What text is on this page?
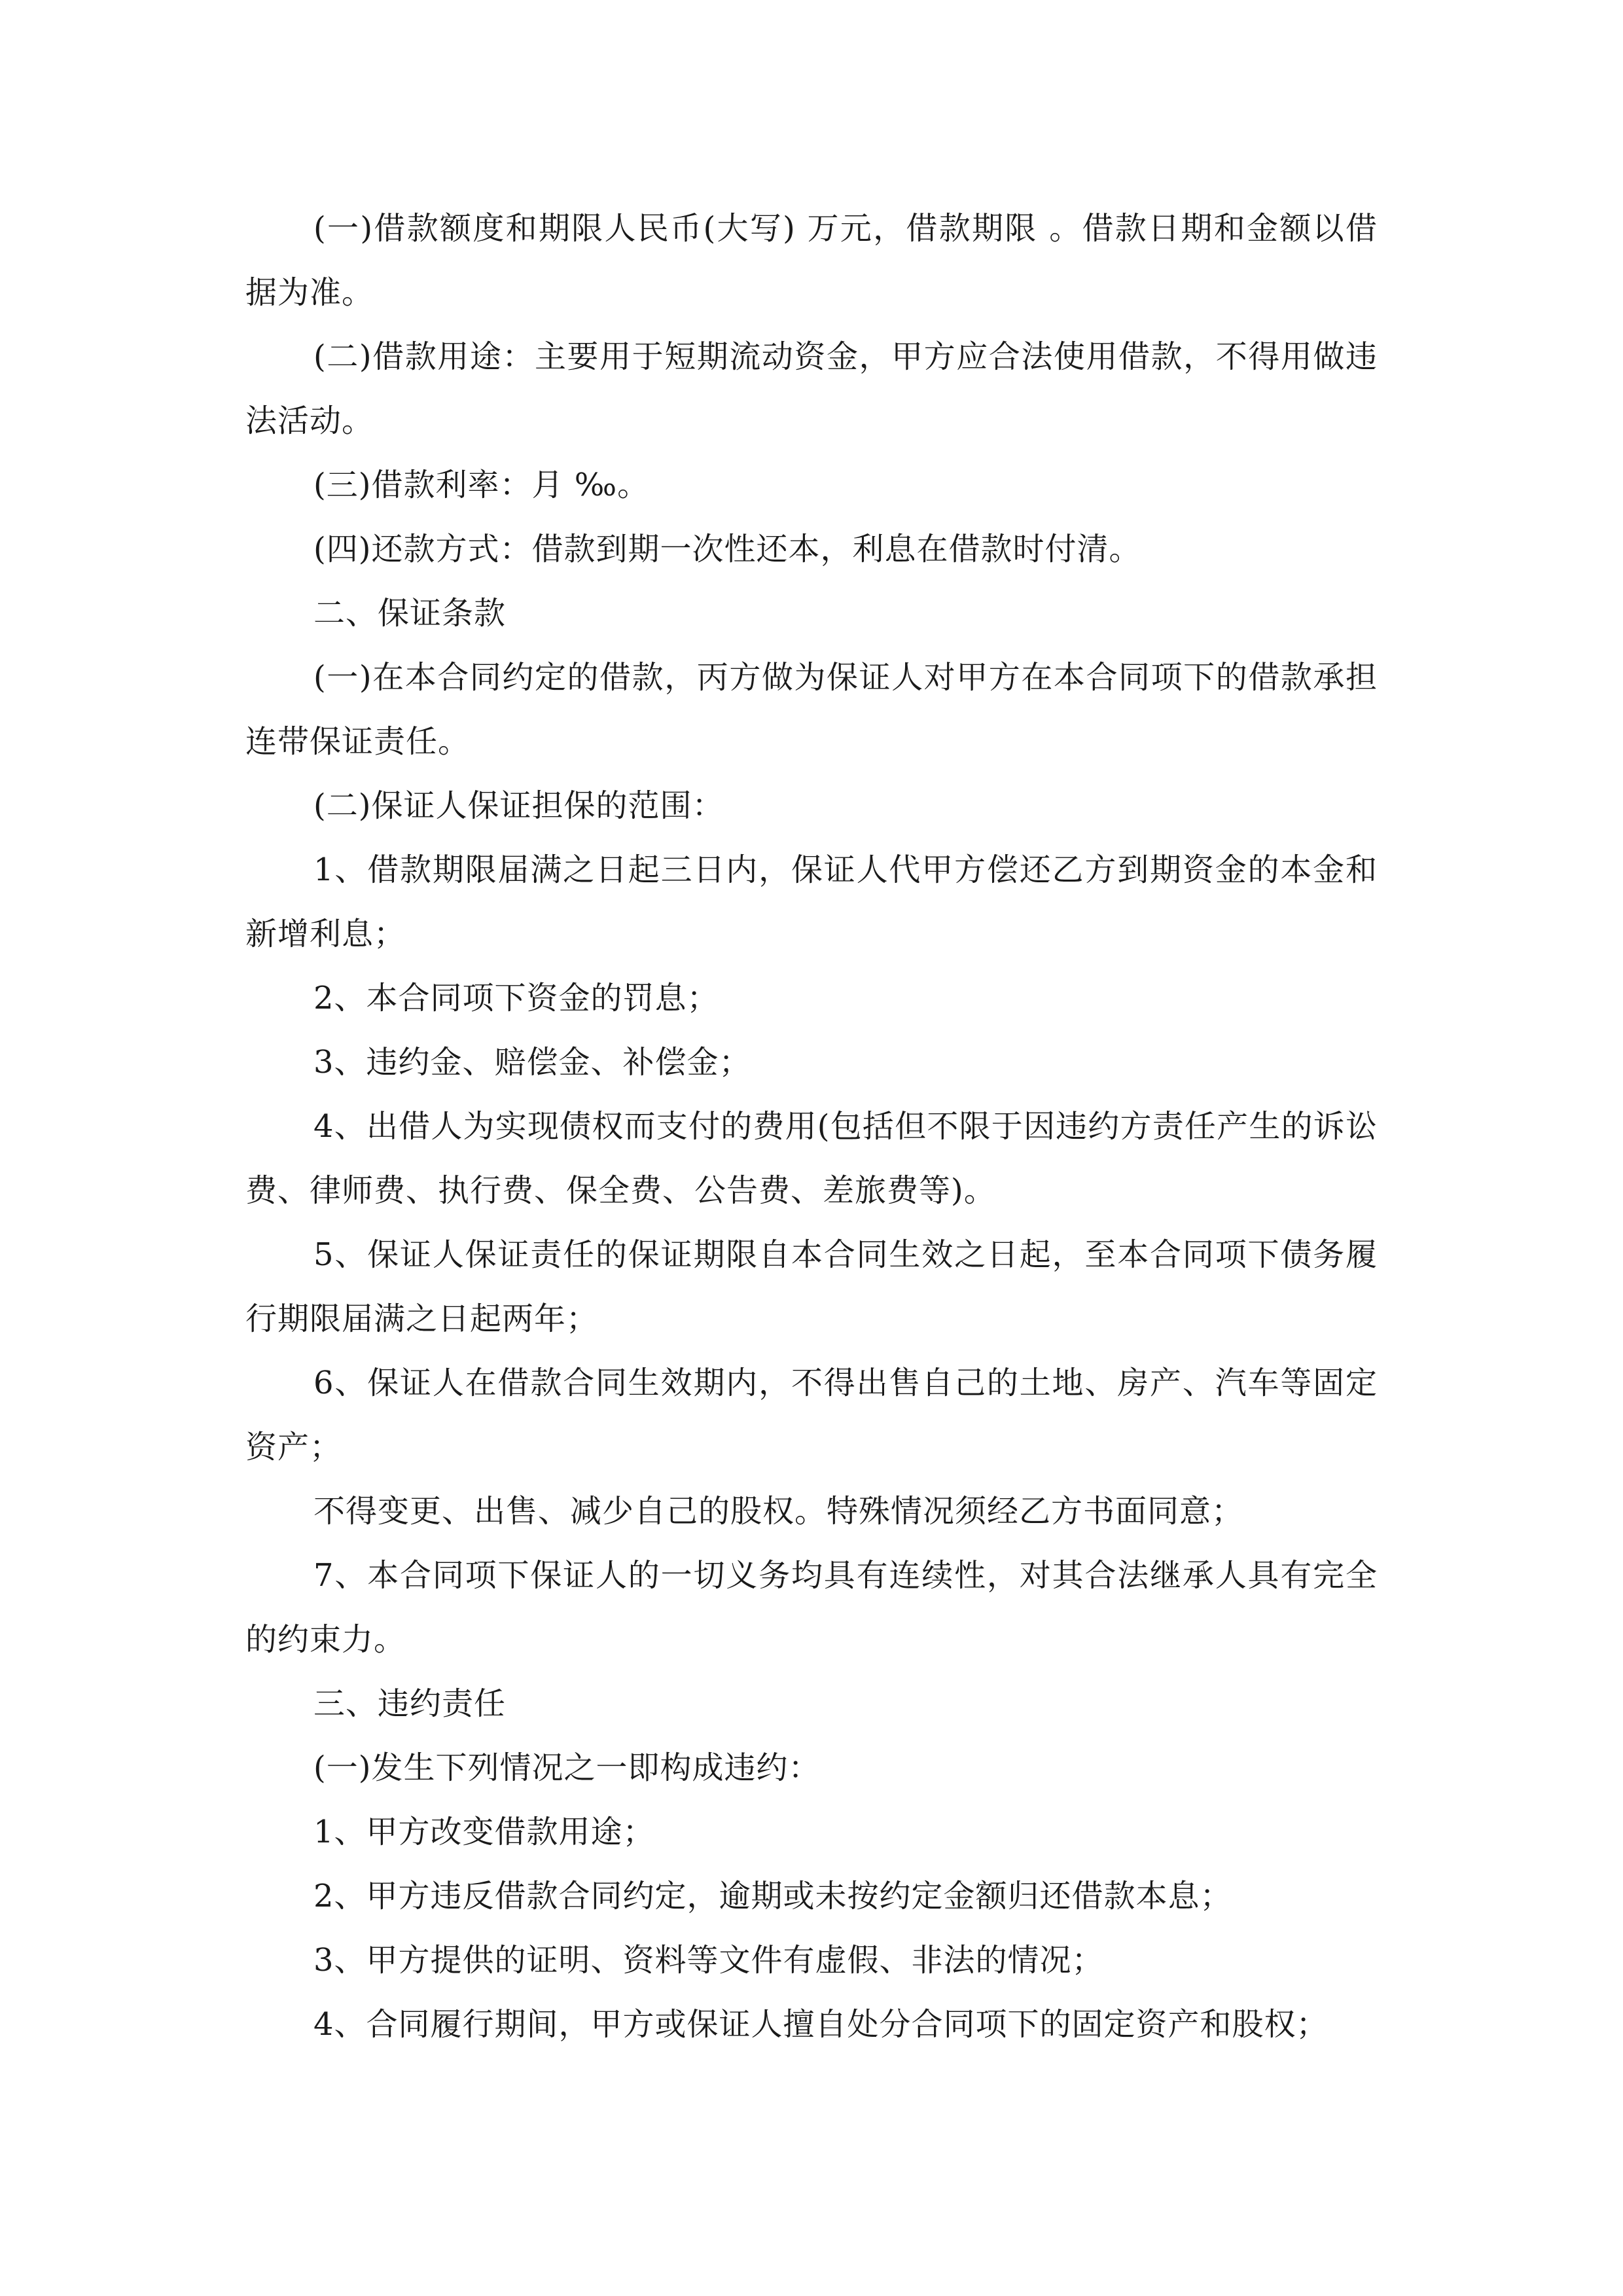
(一)借款额度和期限人民币(大写) 万元，借款期限 。借款日期和金额以借据为准。

(二)借款用途：主要用于短期流动资金，甲方应合法使用借款，不得用做违法活动。

(三)借款利率：月 ‰。

(四)还款方式：借款到期一次性还本，利息在借款时付清。

二、保证条款

(一)在本合同约定的借款，丙方做为保证人对甲方在本合同项下的借款承担连带保证责任。

(二)保证人保证担保的范围：

1、借款期限届满之日起三日内，保证人代甲方偿还乙方到期资金的本金和新增利息；

2、本合同项下资金的罚息；

3、违约金、赔偿金、补偿金；

4、出借人为实现债权而支付的费用(包括但不限于因违约方责任产生的诉讼费、律师费、执行费、保全费、公告费、差旅费等)。

5、保证人保证责任的保证期限自本合同生效之日起，至本合同项下债务履行期限届满之日起两年；

6、保证人在借款合同生效期内，不得出售自己的土地、房产、汽车等固定资产；

不得变更、出售、减少自己的股权。特殊情况须经乙方书面同意；

7、本合同项下保证人的一切义务均具有连续性，对其合法继承人具有完全的约束力。

三、违约责任

(一)发生下列情况之一即构成违约：

1、甲方改变借款用途；

2、甲方违反借款合同约定，逾期或未按约定金额归还借款本息；

3、甲方提供的证明、资料等文件有虚假、非法的情况；

4、合同履行期间，甲方或保证人擅自处分合同项下的固定资产和股权；
